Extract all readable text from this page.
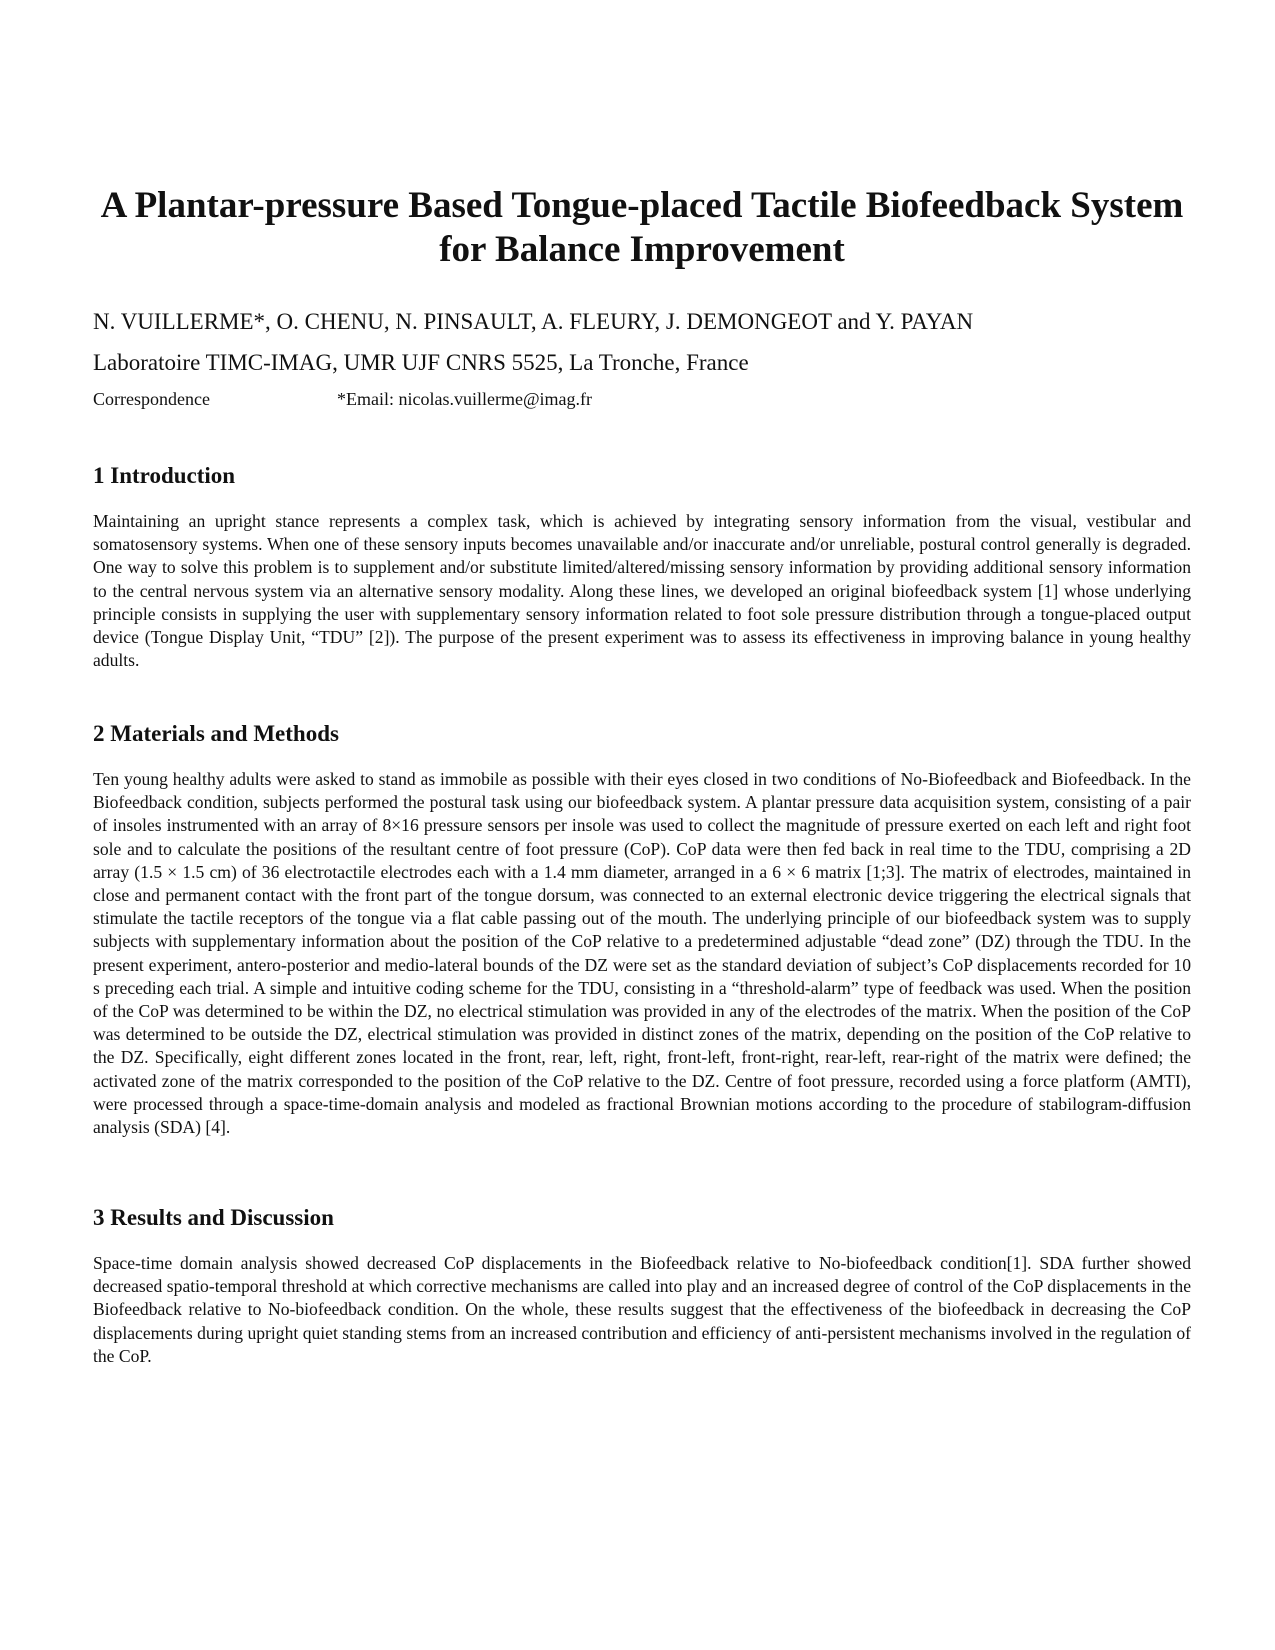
A Plantar-pressure Based Tongue-placed Tactile Biofeedback System for Balance Improvement

N. VUILLERME*, O. CHENU, N. PINSAULT, A. FLEURY, J. DEMONGEOT and Y. PAYAN

Laboratoire TIMC-IMAG, UMR UJF CNRS 5525, La Tronche, France

Correspondence	*Email: nicolas.vuillerme@imag.fr

1 Introduction

Maintaining an upright stance represents a complex task, which is achieved by integrating sensory information from the visual, vestibular and somatosensory systems. When one of these sensory inputs becomes unavailable and/or inaccurate and/or unreliable, postural control generally is degraded. One way to solve this problem is to supplement and/or substitute limited/altered/missing sensory information by providing additional sensory information to the central nervous system via an alternative sensory modality. Along these lines, we developed an original biofeedback system [1] whose underlying principle consists in supplying the user with supplementary sensory information related to foot sole pressure distribution through a tongue-placed output device (Tongue Display Unit, “TDU” [2]). The purpose of the present experiment was to assess its effectiveness in improving balance in young healthy adults.

2 Materials and Methods

Ten young healthy adults were asked to stand as immobile as possible with their eyes closed in two conditions of No-Biofeedback and Biofeedback. In the Biofeedback condition, subjects performed the postural task using our biofeedback system. A plantar pressure data acquisition system, consisting of a pair of insoles instrumented with an array of 8×16 pressure sensors per insole was used to collect the magnitude of pressure exerted on each left and right foot sole and to calculate the positions of the resultant centre of foot pressure (CoP). CoP data were then fed back in real time to the TDU, comprising a 2D array (1.5 × 1.5 cm) of 36 electrotactile electrodes each with a 1.4 mm diameter, arranged in a 6 × 6 matrix [1;3]. The matrix of electrodes, maintained in close and permanent contact with the front part of the tongue dorsum, was connected to an external electronic device triggering the electrical signals that stimulate the tactile receptors of the tongue via a flat cable passing out of the mouth. The underlying principle of our biofeedback system was to supply subjects with supplementary information about the position of the CoP relative to a predetermined adjustable “dead zone” (DZ) through the TDU. In the present experiment, antero-posterior and medio-lateral bounds of the DZ were set as the standard deviation of subject’s CoP displacements recorded for 10 s preceding each trial. A simple and intuitive coding scheme for the TDU, consisting in a “threshold-alarm” type of feedback was used. When the position of the CoP was determined to be within the DZ, no electrical stimulation was provided in any of the electrodes of the matrix. When the position of the CoP was determined to be outside the DZ, electrical stimulation was provided in distinct zones of the matrix, depending on the position of the CoP relative to the DZ. Specifically, eight different zones located in the front, rear, left, right, front-left, front-right, rear-left, rear-right of the matrix were defined; the activated zone of the matrix corresponded to the position of the CoP relative to the DZ. Centre of foot pressure, recorded using a force platform (AMTI), were processed through a space-time-domain analysis and modeled as fractional Brownian motions according to the procedure of stabilogram-diffusion analysis (SDA) [4].

3 Results and Discussion

Space-time domain analysis showed decreased CoP displacements in the Biofeedback relative to No-biofeedback condition[1]. SDA further showed decreased spatio-temporal threshold at which corrective mechanisms are called into play and an increased degree of control of the CoP displacements in the Biofeedback relative to No-biofeedback condition. On the whole, these results suggest that the effectiveness of the biofeedback in decreasing the CoP displacements during upright quiet standing stems from an increased contribution and efficiency of anti-persistent mechanisms involved in the regulation of the CoP.
